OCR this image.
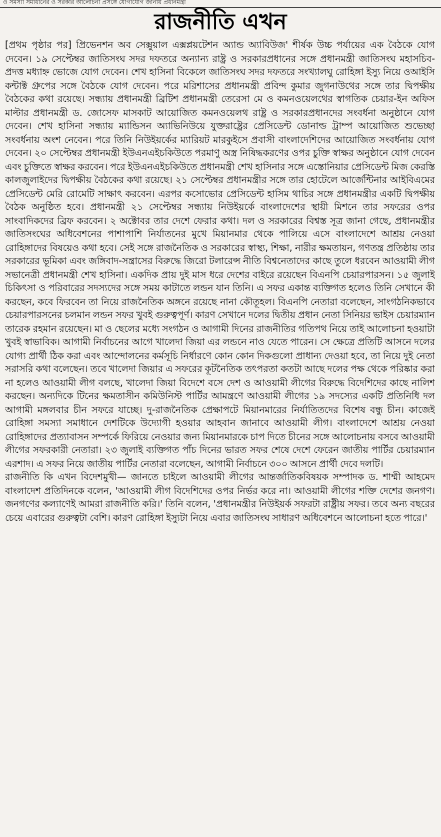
ও সমস্যা সমাধানের ও সরকার আলোচনা প্রসঙ্গে যোগাযোগ জানায় প্রধানমন্ত্রী
রাজনীতি এখন

[প্রথম পৃষ্ঠার পর] প্রিভেনশন অব সেক্সুয়াল এক্সপ্লয়টেশন অ্যান্ড অ্যাবিউজ' শীর্ষক উচ্চ পর্যায়ের এক বৈঠকে যোগ দেবেন। ১৯ সেপ্টেম্বর জাতিসংঘ সদর দফতরে অন্যান্য রাষ্ট্র ও সরকারপ্রধানের সঙ্গে প্রধানমন্ত্রী জাতিসংঘ মহাসচিব-প্রদত্ত মধ্যাহ্ন ভোজে যোগ দেবেন। শেখ হাসিনা বিকেলে জাতিসংঘ সদর দফতরে সংখ্যালঘু রোহিঙ্গা ইস্যু নিয়ে ওআইসি কন্টাক্ট গ্রুপের সঙ্গে বৈঠকে যোগ দেবেন। পরে মরিশাসের প্রধানমন্ত্রী প্রবিন্দ কুমার জুগনাউথের সঙ্গে তার দ্বিপক্ষীয় বৈঠকের কথা রয়েছে। সন্ধ্যায় প্রধানমন্ত্রী ব্রিটিশ প্রধানমন্ত্রী তেরেসা মে ও কমনওয়েলথের স্বাগতিক চেয়ার-ইন অফিস মাল্টার প্রধানমন্ত্রী ড. জোসেফ মাসকাট আয়োজিত কমনওয়েলথ রাষ্ট্র ও সরকারপ্রধানদের সংবর্ধনা অনুষ্ঠানে যোগ দেবেন। শেখ হাসিনা সন্ধ্যায় ম্যান্ডিসন অ্যাভিনিউয়ে যুক্তরাষ্ট্রের প্রেসিডেন্ট ডোনাল্ড ট্রাম্প আয়োজিত শুভেচ্ছা সংবর্ধনায় অংশ নেবেন। পরে তিনি নিউইয়র্কের ম্যারিয়ট মারকুইসে প্রবাসী বাংলাদেশিদের আয়োজিত সংবর্ধনায় যোগ দেবেন। ২০ সেপ্টেম্বর প্রধানমন্ত্রী ইউএনএইচকিউতে পরমাণু অস্ত্র নিষিদ্ধকরণের ওপর চুক্তি স্বাক্ষর অনুষ্ঠানে যোগ দেবেন এবং চুক্তিতে স্বাক্ষর করবেন। পরে ইউএনএইচকিউতে প্রধানমন্ত্রী শেখ হাসিনার সঙ্গে এস্তোনিয়ার প্রেসিডেন্ট মিজ কেরস্তি কালজুলাইদের দ্বিপক্ষীয় বৈঠকের কথা রয়েছে। ২১ সেপ্টেম্বর প্রধানমন্ত্রীর সঙ্গে তার হোটেলে আর্জেন্টিনার আইবিএমের প্রেসিডেন্ট মেরি রোমেটি সাক্ষাৎ করবেন। এরপর কসোভোর প্রেসিডেন্ট হাসিম থাচির সঙ্গে প্রধানমন্ত্রীর একটি দ্বিপক্ষীয় বৈঠক অনুষ্ঠিত হবে। প্রধানমন্ত্রী ২১ সেপ্টেম্বর সন্ধ্যায় নিউইয়র্কে বাংলাদেশের স্থায়ী মিশনে তার সফরের ওপর সাংবাদিকদের ব্রিফ করবেন। ২ অক্টোবর তার দেশে ফেরার কথা। দল ও সরকারের বিশ্বস্ত সূত্র জানা গেছে, প্রধানমন্ত্রীর জাতিসংঘের অধিবেশনের পাশাপাশি নির্যাতনের মুখে মিয়ানমার থেকে পালিয়ে এসে বাংলাদেশে আশ্রয় নেওয়া রোহিঙ্গাদের বিষয়েও কথা হবে। সেই সঙ্গে রাজনৈতিক ও সরকারের স্বাস্থ্য, শিক্ষা, নারীর ক্ষমতায়ন, গণতন্ত্র প্রতিষ্ঠায় তার সরকারের ভূমিকা এবং জঙ্গিবাদ-সন্ত্রাসের বিরুদ্ধে জিরো টলারেন্স নীতি বিশ্বনেতাদের কাছে তুলে ধরবেন আওয়ামী লীগ সভানেত্রী প্রধানমন্ত্রী শেখ হাসিনা। একদিক প্রায় দুই মাস ধরে দেশের বাইরে রয়েছেন বিএনপি চেয়ারপারসন। ১৫ জুলাই চিকিৎসা ও পরিবারের সদস্যদের সঙ্গে সময় কাটাতে লন্ডন যান তিনি। এ সফর একান্ত ব্যক্তিগত হলেও তিনি সেখানে কী করছেন, কবে ফিরবেন তা নিয়ে রাজনৈতিক অঙ্গনে রয়েছে নানা কৌতূহল। বিএনপি নেতারা বলেছেন, সাংগঠনিকভাবে চেয়ারপারসনের চলমান লন্ডন সফর খুবই গুরুত্বপূর্ণ। কারণ সেখানে দলের দ্বিতীয় প্রধান নেতা সিনিয়র ভাইস চেয়ারম্যান তারেক রহমান রয়েছেন। মা ও ছেলের মধ্যে সংগঠন ও আগামী দিনের রাজনীতির গতিপথ নিয়ে তাই আলোচনা হওয়াটা খুবই স্বাভাবিক। আগামী নির্বাচনের আগে খালেদা জিয়া এর লন্ডনে নাও যেতে পারেন। সে ক্ষেত্রে প্রতিটি আসনে দলের যোগ্য প্রার্থী ঠিক করা এবং আন্দোলনের কর্মসূচি নির্ধারণে কোন কোন দিকগুলো প্রাধান্য দেওয়া হবে, তা নিয়ে দুই নেতা সরাসরি কথা বলেছেন। তবে খালেদা জিয়ার এ সফরের কূটনৈতিক তৎপরতা কতটা আছে দলের পক্ষ থেকে পরিষ্কার করা না হলেও আওয়ামী লীগ বলছে, খালেদা জিয়া বিদেশে বসে দেশ ও আওয়ামী লীগের বিরুদ্ধে বিদেশিদের কাছে নালিশ করছেন। অন্যদিকে টিনের ক্ষমতাসীন কমিউনিস্ট পার্টির আমন্ত্রণে আওয়ামী লীগের ১৯ সদস্যের একটি প্রতিনিধি দল আগামী মঙ্গলবার চীন সফরে যাচ্ছে। দু-রাজনৈতিক প্রেক্ষাপটে মিয়ানমারের নির্যাতিতদের বিশেষ বন্ধু চীন। কাজেই রোহিঙ্গা সমস্যা সমাধানে দেশটিকে উদ্যোগী হওয়ার আহবান জানাবে আওয়ামী লীগ। বাংলাদেশে আশ্রয় নেওয়া রোহিঙ্গাদের প্রত্যাবাসন সম্পর্কে ফিরিয়ে নেওয়ার জন্য মিয়ানমারকে চাপ দিতে চীনের সঙ্গে আলোচনায় বসবে আওয়ামী লীগের সফরকারী নেতারা। ২৩ জুলাই ব্যক্তিগত পাঁচ দিনের ভারত সফর শেষে দেশে ফেরেন জাতীয় পার্টির চেয়ারম্যান এরশাদ। এ সফর নিয়ে জাতীয় পার্টির নেতারা বলেছেন, আগামী নির্বাচনে ৩০০ আসনে প্রার্থী দেবে দলটি।

রাজনীতি কি এখন বিদেশমুখী— জানতে চাইলে আওয়ামী লীগের আন্তর্জাতিকবিষয়ক সম্পাদক ড. শাম্মী আহমেদ বাংলাদেশ প্রতিদিনকে বলেন, 'আওয়ামী লীগ বিদেশিদের ওপর নির্ভর করে না। আওয়ামী লীগের শক্তি দেশের জনগণ। জনগণের কল্যাণেই আমরা রাজনীতি করি।' তিনি বলেন, 'প্রধানমন্ত্রীর নিউইয়র্ক সফরটা রাষ্ট্রীয় সফর। তবে অন্য বছরের চেয়ে এবারের গুরুত্বটা বেশি। কারণ রোহিঙ্গা ইস্যুটা নিয়ে এবার জাতিসংঘ সাধারণ অধিবেশনে আলোচনা হতে পারে।'
